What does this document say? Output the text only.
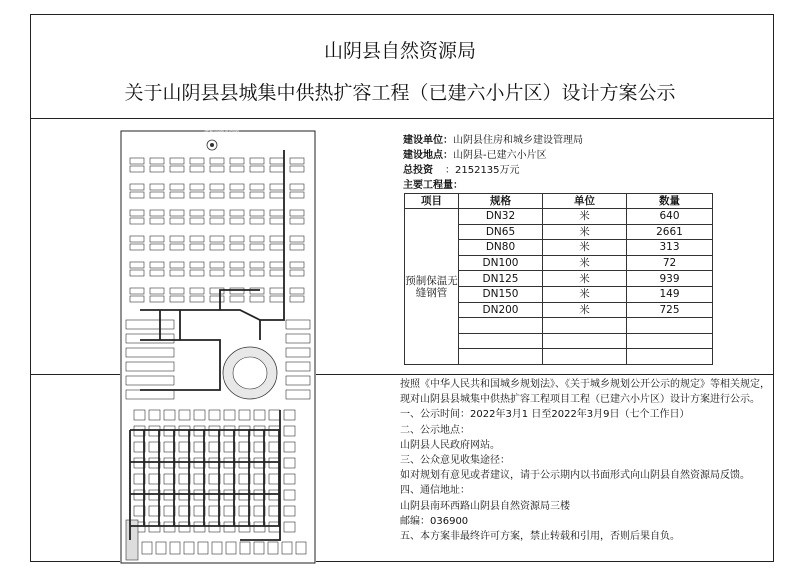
山阴县自然资源局
关于山阴县县城集中供热扩容工程（已建六小片区）设计方案公示
供热管网平面图
建设单位：山阴县住房和城乡建设管理局
建设地点：山阴县-已建六小片区
总投资 ：2152135万元
主要工程量：
项目	规格	单位	数量
预制保温无缝钢管	DN32	米	640
	DN65	米	2661
	DN80	米	313
	DN100	米	72
	DN125	米	939
	DN150	米	149
	DN200	米	725

按照《中华人民共和国城乡规划法》、《关于城乡规划公开公示的规定》等相关规定，
现对山阴县县城集中供热扩容工程项目工程（已建六小片区）设计方案进行公示。
一、公示时间：2022年3月1 日至2022年3月9日（七个工作日）
二、公示地点：
山阴县人民政府网站。
三、公众意见收集途径：
如对规划有意见或者建议，请于公示期内以书面形式向山阴县自然资源局反馈。
四、通信地址：
山阴县南环西路山阴县自然资源局三楼
邮编：036900
五、本方案非最终许可方案，禁止转载和引用，否则后果自负。
